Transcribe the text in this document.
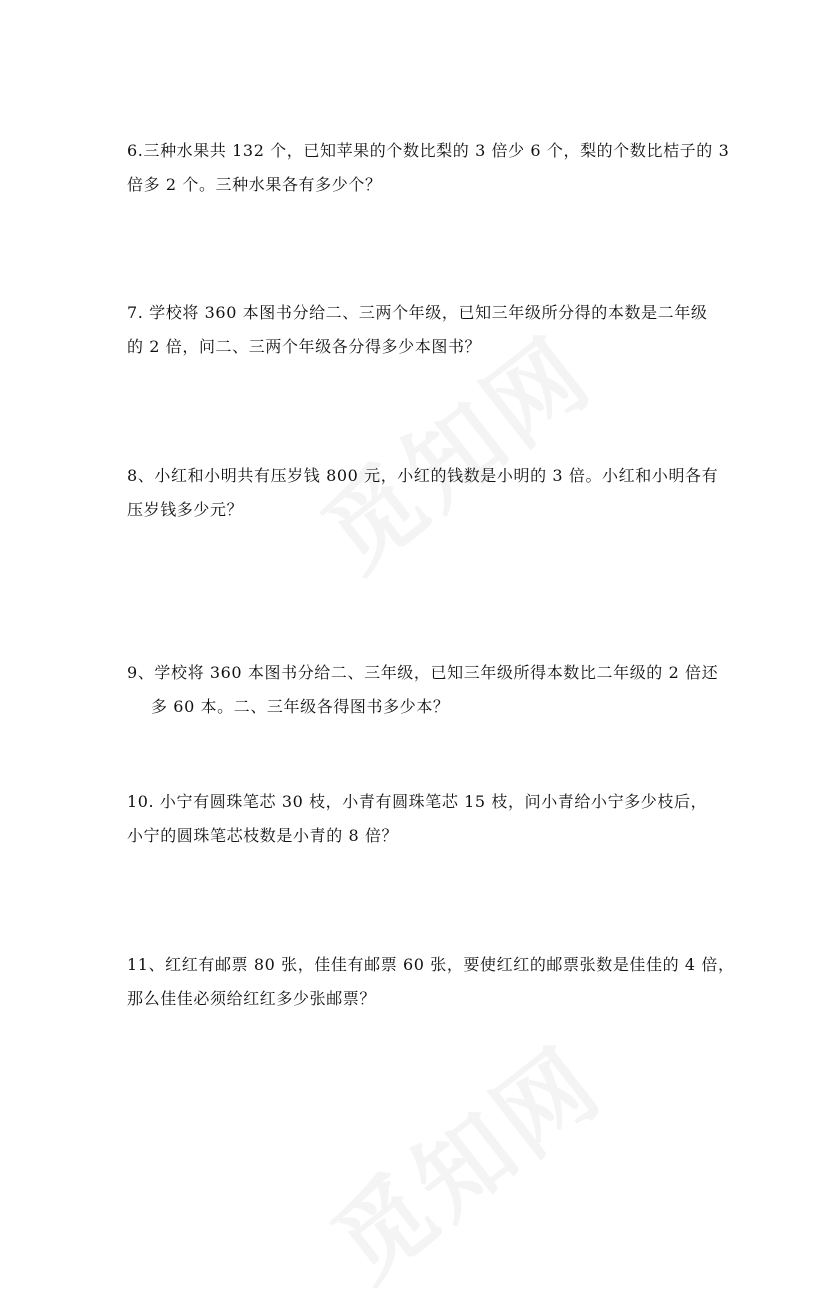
6.三种水果共 132 个，已知苹果的个数比梨的 3 倍少 6 个，梨的个数比桔子的 3
倍多 2 个。三种水果各有多少个？
7. 学校将 360 本图书分给二、三两个年级，已知三年级所分得的本数是二年级
的 2 倍，问二、三两个年级各分得多少本图书？
8、小红和小明共有压岁钱 800 元，小红的钱数是小明的 3 倍。小红和小明各有
压岁钱多少元？
9、学校将 360 本图书分给二、三年级，已知三年级所得本数比二年级的 2 倍还
多 60 本。二、三年级各得图书多少本？
10. 小宁有圆珠笔芯 30 枝，小青有圆珠笔芯 15 枝，问小青给小宁多少枝后，
小宁的圆珠笔芯枝数是小青的 8 倍？
11、红红有邮票 80 张，佳佳有邮票 60 张，要使红红的邮票张数是佳佳的 4 倍，
那么佳佳必须给红红多少张邮票？
